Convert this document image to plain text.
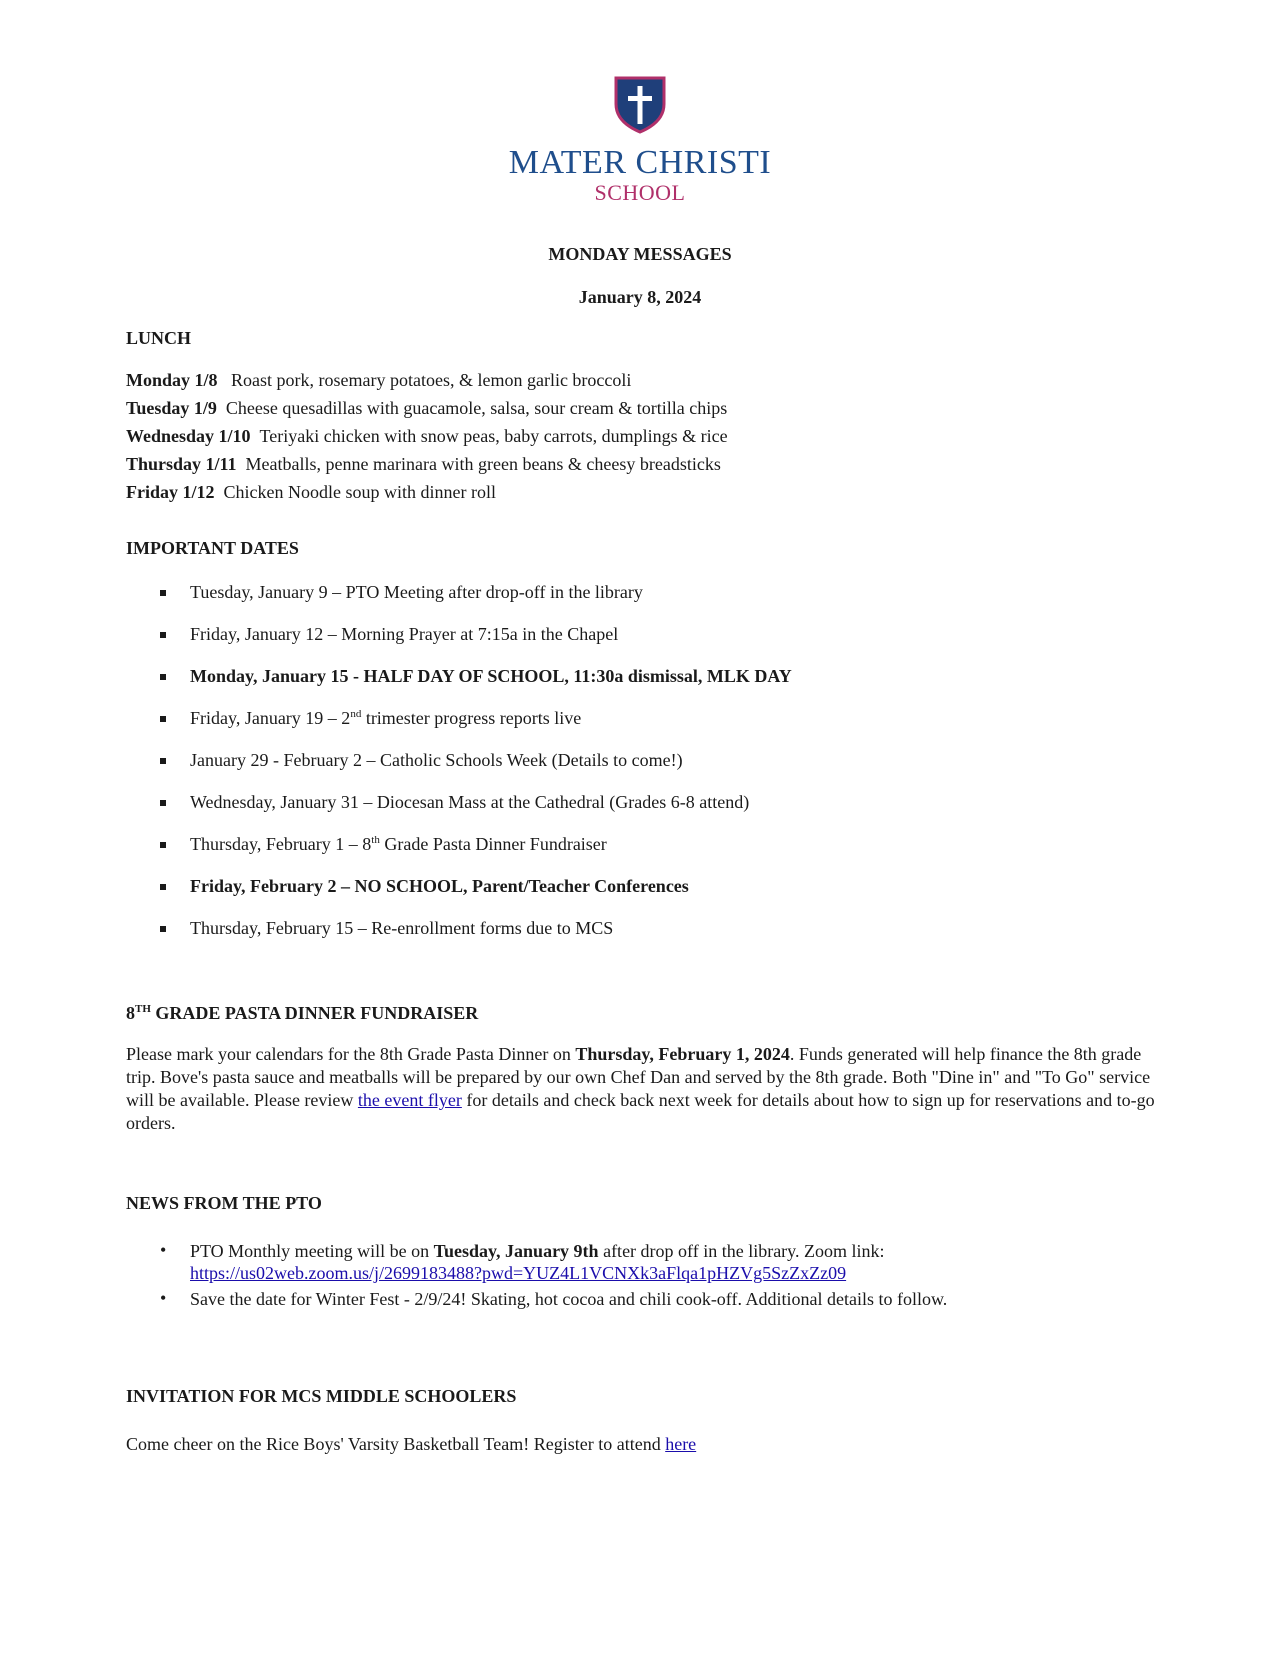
MATER CHRISTI
SCHOOL
MONDAY MESSAGES
January 8, 2024
LUNCH
Monday 1/8 Roast pork, rosemary potatoes, & lemon garlic broccoli
Tuesday 1/9 Cheese quesadillas with guacamole, salsa, sour cream & tortilla chips
Wednesday 1/10 Teriyaki chicken with snow peas, baby carrots, dumplings & rice
Thursday 1/11 Meatballs, penne marinara with green beans & cheesy breadsticks
Friday 1/12 Chicken Noodle soup with dinner roll
IMPORTANT DATES
Tuesday, January 9 – PTO Meeting after drop-off in the library
Friday, January 12 – Morning Prayer at 7:15a in the Chapel
Monday, January 15 - HALF DAY OF SCHOOL, 11:30a dismissal, MLK DAY
Friday, January 19 – 2nd trimester progress reports live
January 29 - February 2 – Catholic Schools Week (Details to come!)
Wednesday, January 31 – Diocesan Mass at the Cathedral (Grades 6-8 attend)
Thursday, February 1 – 8th Grade Pasta Dinner Fundraiser
Friday, February 2 – NO SCHOOL, Parent/Teacher Conferences
Thursday, February 15 – Re-enrollment forms due to MCS
8TH GRADE PASTA DINNER FUNDRAISER
Please mark your calendars for the 8th Grade Pasta Dinner on Thursday, February 1, 2024. Funds generated will help finance the 8th grade trip. Bove's pasta sauce and meatballs will be prepared by our own Chef Dan and served by the 8th grade. Both "Dine in" and "To Go" service will be available. Please review the event flyer for details and check back next week for details about how to sign up for reservations and to-go orders.
NEWS FROM THE PTO
• PTO Monthly meeting will be on Tuesday, January 9th after drop off in the library. Zoom link: https://us02web.zoom.us/j/2699183488?pwd=YUZ4L1VCNXk3aFlqa1pHZVg5SzZxZz09
• Save the date for Winter Fest - 2/9/24! Skating, hot cocoa and chili cook-off. Additional details to follow.
INVITATION FOR MCS MIDDLE SCHOOLERS
Come cheer on the Rice Boys' Varsity Basketball Team! Register to attend here
